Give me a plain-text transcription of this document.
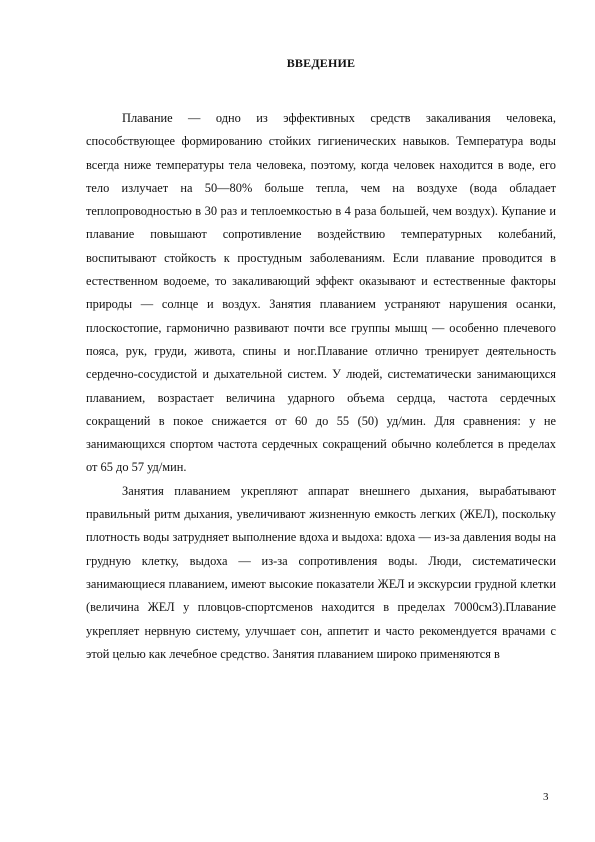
ВВЕДЕНИЕ

Плавание — одно из эффективных средств закаливания человека, способствующее формированию стойких гигиенических навыков. Температура воды всегда ниже температуры тела человека, поэтому, когда человек находится в воде, его тело излучает на 50—80% больше тепла, чем на воздухе (вода обладает теплопроводностью в 30 раз и теплоемкостью в 4 раза большей, чем воздух). Купание и плавание повышают сопротивление воздействию температурных колебаний, воспитывают стойкость к простудным заболеваниям. Если плавание проводится в естественном водоеме, то закаливающий эффект оказывают и естественные факторы природы — солнце и воздух. Занятия плаванием устраняют нарушения осанки, плоскостопие, гармонично развивают почти все группы мышц — особенно плечевого пояса, рук, груди, живота, спины и ног.Плавание отлично тренирует деятельность сердечно-сосудистой и дыхательной систем. У людей, систематически занимающихся плаванием, возрастает величина ударного объема сердца, частота сердечных сокращений в покое снижается от 60 до 55 (50) уд/мин. Для сравнения: у не занимающихся спортом частота сердечных сокращений обычно колеблется в пределах от 65 до 57 уд/мин.

Занятия плаванием укрепляют аппарат внешнего дыхания, вырабатывают правильный ритм дыхания, увеличивают жизненную емкость легких (ЖЕЛ), поскольку плотность воды затрудняет выполнение вдоха и выдоха: вдоха — из-за давления воды на грудную клетку, выдоха — из-за сопротивления воды. Люди, систематически занимающиеся плаванием, имеют высокие показатели ЖЕЛ и экскурсии грудной клетки (величина ЖЕЛ у пловцов-спортсменов находится в пределах 7000см3).Плавание укрепляет нервную систему, улучшает сон, аппетит и часто рекомендуется врачами с этой целью как лечебное средство. Занятия плаванием широко применяются в

3
